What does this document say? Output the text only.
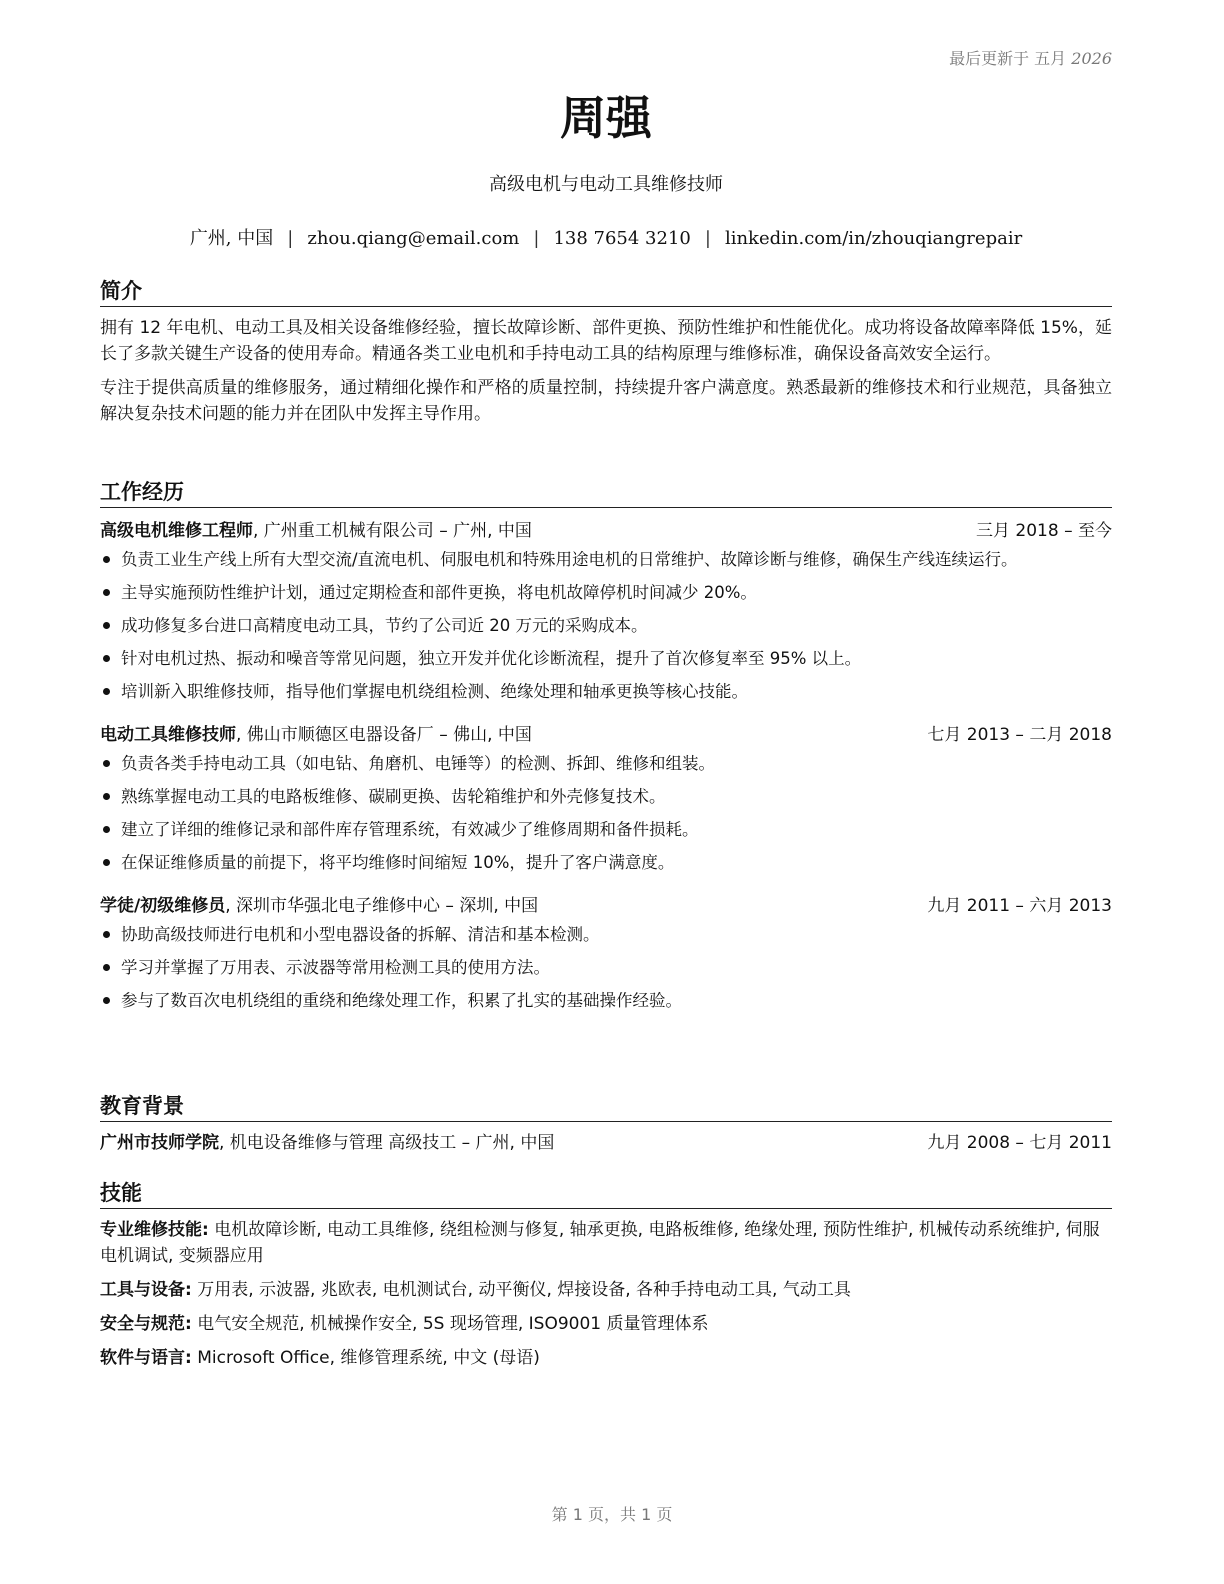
最后更新于 五月 2026
周强
高级电机与电动工具维修技师
广州, 中国 | zhou.qiang@email.com | 138 7654 3210 | linkedin.com/in/zhouqiangrepair
简介
拥有 12 年电机、电动工具及相关设备维修经验，擅长故障诊断、部件更换、预防性维护和性能优化。成功将设备故障率降低 15%，延长了多款关键生产设备的使用寿命。精通各类工业电机和手持电动工具的结构原理与维修标准，确保设备高效安全运行。
专注于提供高质量的维修服务，通过精细化操作和严格的质量控制，持续提升客户满意度。熟悉最新的维修技术和行业规范，具备独立解决复杂技术问题的能力并在团队中发挥主导作用。
工作经历
高级电机维修工程师, 广州重工机械有限公司 – 广州, 中国	三月 2018 – 至今
负责工业生产线上所有大型交流/直流电机、伺服电机和特殊用途电机的日常维护、故障诊断与维修，确保生产线连续运行。
主导实施预防性维护计划，通过定期检查和部件更换，将电机故障停机时间减少 20%。
成功修复多台进口高精度电动工具，节约了公司近 20 万元的采购成本。
针对电机过热、振动和噪音等常见问题，独立开发并优化诊断流程，提升了首次修复率至 95% 以上。
培训新入职维修技师，指导他们掌握电机绕组检测、绝缘处理和轴承更换等核心技能。
电动工具维修技师, 佛山市顺德区电器设备厂 – 佛山, 中国	七月 2013 – 二月 2018
负责各类手持电动工具（如电钻、角磨机、电锤等）的检测、拆卸、维修和组装。
熟练掌握电动工具的电路板维修、碳刷更换、齿轮箱维护和外壳修复技术。
建立了详细的维修记录和部件库存管理系统，有效减少了维修周期和备件损耗。
在保证维修质量的前提下，将平均维修时间缩短 10%，提升了客户满意度。
学徒/初级维修员, 深圳市华强北电子维修中心 – 深圳, 中国	九月 2011 – 六月 2013
协助高级技师进行电机和小型电器设备的拆解、清洁和基本检测。
学习并掌握了万用表、示波器等常用检测工具的使用方法。
参与了数百次电机绕组的重绕和绝缘处理工作，积累了扎实的基础操作经验。
教育背景
广州市技师学院, 机电设备维修与管理 高级技工 – 广州, 中国	九月 2008 – 七月 2011
技能
专业维修技能: 电机故障诊断, 电动工具维修, 绕组检测与修复, 轴承更换, 电路板维修, 绝缘处理, 预防性维护, 机械传动系统维护, 伺服电机调试, 变频器应用
工具与设备: 万用表, 示波器, 兆欧表, 电机测试台, 动平衡仪, 焊接设备, 各种手持电动工具, 气动工具
安全与规范: 电气安全规范, 机械操作安全, 5S 现场管理, ISO9001 质量管理体系
软件与语言: Microsoft Office, 维修管理系统, 中文 (母语)
第 1 页，共 1 页
